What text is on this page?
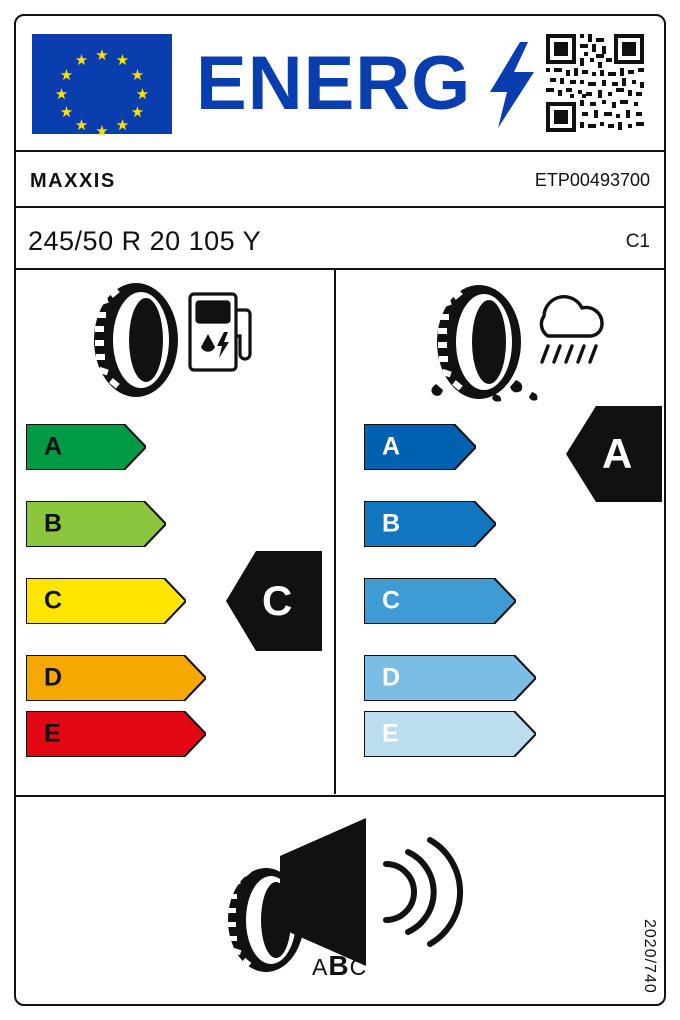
★
★ ★
★	★
★	★
★	★
★ ★
★
ENERG
MAXXIS	ETP00493700
245/50 R 20 105 Y	C1
A
B
C
D
E
C
A
B
C
D
E
A
72 dB
ABC	2020/740
